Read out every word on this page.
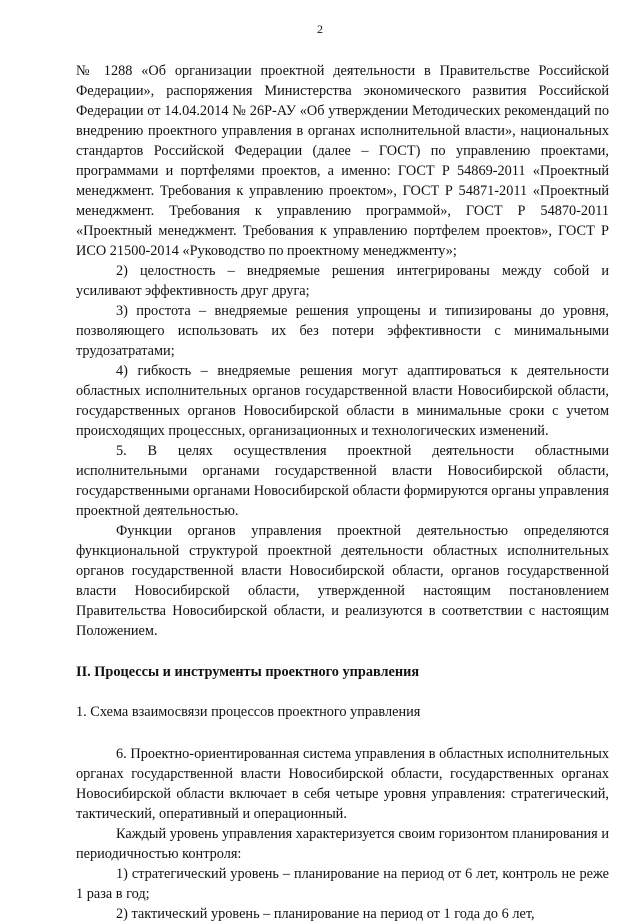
2

№ 1288 «Об организации проектной деятельности в Правительстве Российской Федерации», распоряжения Министерства экономического развития Российской Федерации от 14.04.2014 № 26Р-АУ «Об утверждении Методических рекомендаций по внедрению проектного управления в органах исполнительной власти», национальных стандартов Российской Федерации (далее – ГОСТ) по управлению проектами, программами и портфелями проектов, а именно: ГОСТ Р 54869-2011 «Проектный менеджмент. Требования к управлению проектом», ГОСТ Р 54871-2011 «Проектный менеджмент. Требования к управлению программой», ГОСТ Р 54870-2011 «Проектный менеджмент. Требования к управлению портфелем проектов», ГОСТ Р ИСО 21500-2014 «Руководство по проектному менеджменту»;

2) целостность – внедряемые решения интегрированы между собой и усиливают эффективность друг друга;

3) простота – внедряемые решения упрощены и типизированы до уровня, позволяющего использовать их без потери эффективности с минимальными трудозатратами;

4) гибкость – внедряемые решения могут адаптироваться к деятельности областных исполнительных органов государственной власти Новосибирской области, государственных органов Новосибирской области в минимальные сроки с учетом происходящих процессных, организационных и технологических изменений.

5. В целях осуществления проектной деятельности областными исполнительными органами государственной власти Новосибирской области, государственными органами Новосибирской области формируются органы управления проектной деятельностью.

Функции органов управления проектной деятельностью определяются функциональной структурой проектной деятельности областных исполнительных органов государственной власти Новосибирской области, органов государственной власти Новосибирской области, утвержденной настоящим постановлением Правительства Новосибирской области, и реализуются в соответствии с настоящим Положением.

II. Процессы и инструменты проектного управления

1. Схема взаимосвязи процессов проектного управления

6. Проектно-ориентированная система управления в областных исполнительных органах государственной власти Новосибирской области, государственных органах Новосибирской области включает в себя четыре уровня управления: стратегический, тактический, оперативный и операционный.

Каждый уровень управления характеризуется своим горизонтом планирования и периодичностью контроля:

1) стратегический уровень – планирование на период от 6 лет, контроль не реже 1 раза в год;

2) тактический уровень – планирование на период от 1 года до 6 лет,
